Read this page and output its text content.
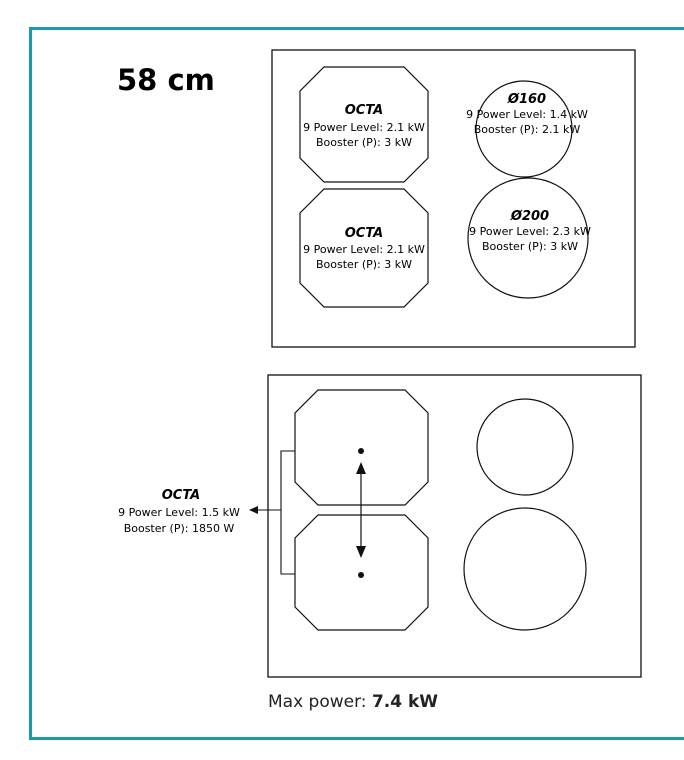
58 cm
OCTA
9 Power Level: 2.1 kW
Booster (P): 3 kW
OCTA
9 Power Level: 2.1 kW
Booster (P): 3 kW
Ø160
9 Power Level: 1.4 kW
Booster (P): 2.1 kW
Ø200
9 Power Level: 2.3 kW
Booster (P): 3 kW
OCTA
9 Power Level: 1.5 kW
Booster (P): 1850 W
Max power: 7.4 kW
